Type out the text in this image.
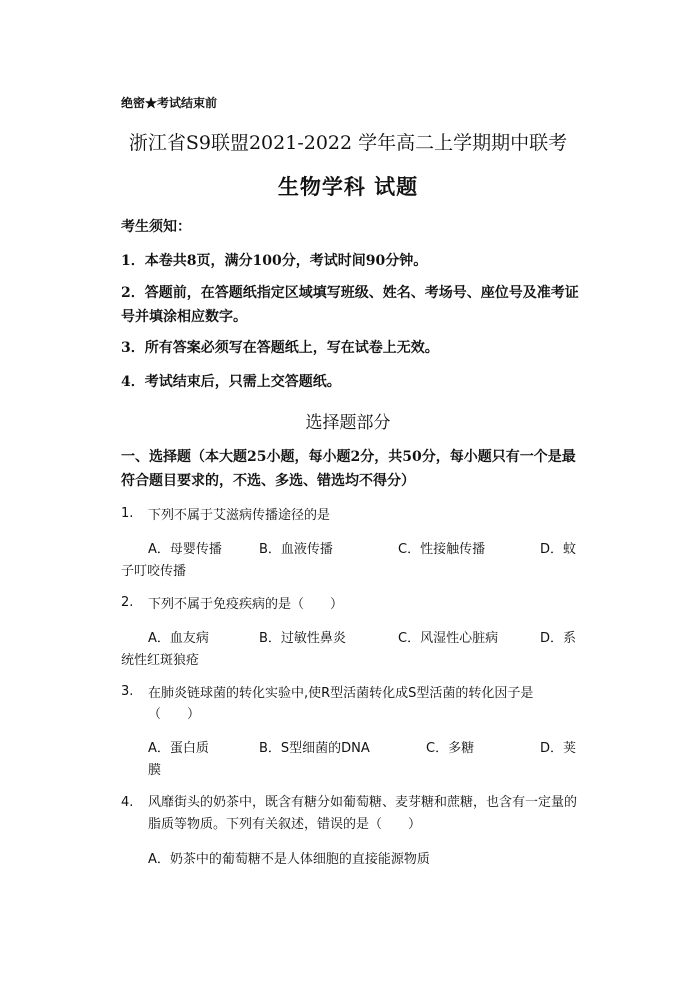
绝密★考试结束前
浙江省S9联盟2021-2022 学年高二上学期期中联考
生物学科 试题
考生须知：
1．本卷共8页，满分100分，考试时间90分钟。
2．答题前，在答题纸指定区域填写班级、姓名、考场号、座位号及准考证号并填涂相应数字。
3．所有答案必须写在答题纸上，写在试卷上无效。
4．考试结束后，只需上交答题纸。
选择题部分
一、选择题（本大题25小题，每小题2分，共50分，每小题只有一个是最符合题目要求的，不选、多选、错选均不得分）
1. 下列不属于艾滋病传播途径的是
A．母婴传播	B．血液传播	C．性接触传播	D．蚊
子叮咬传播
2. 下列不属于免疫疾病的是（　　）
A．血友病	B．过敏性鼻炎	C．风湿性心脏病	D．系
统性红斑狼疮
3. 在肺炎链球菌的转化实验中,使R型活菌转化成S型活菌的转化因子是
（　　）
A．蛋白质	B．S型细菌的DNA	C．多糖	D．荚
膜
4. 风靡街头的奶茶中，既含有糖分如葡萄糖、麦芽糖和蔗糖，也含有一定量的脂质等物质。下列有关叙述，错误的是（　　）
A．奶茶中的葡萄糖不是人体细胞的直接能源物质
